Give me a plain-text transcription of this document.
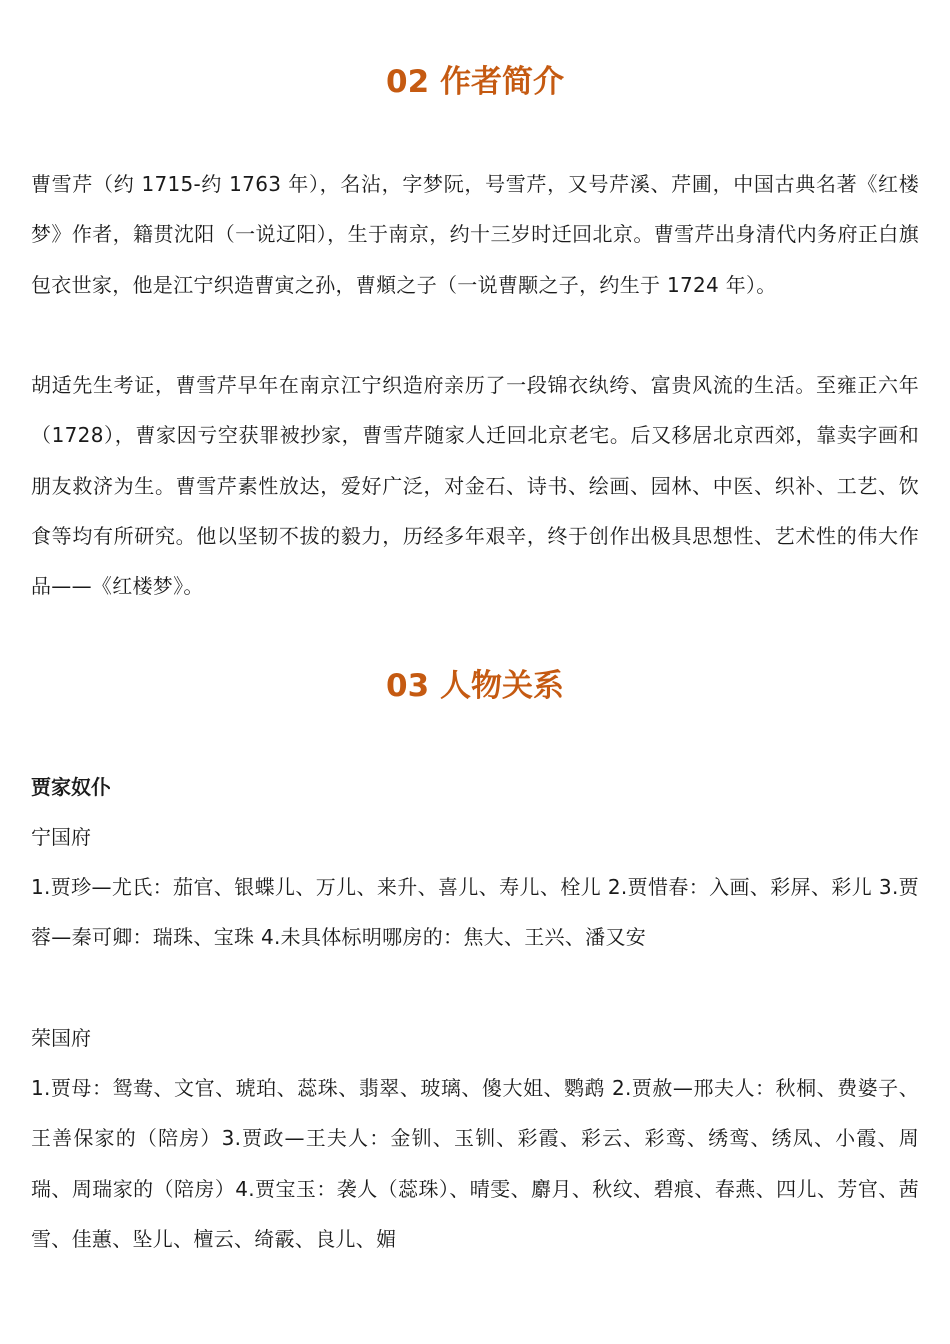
02 作者简介

曹雪芹（约 1715-约 1763 年），名沾，字梦阮，号雪芹，又号芹溪、芹圃，中国古典名著《红楼梦》作者，籍贯沈阳（一说辽阳），生于南京，约十三岁时迁回北京。曹雪芹出身清代内务府正白旗包衣世家，他是江宁织造曹寅之孙，曹頫之子（一说曹颙之子，约生于 1724 年）。

胡适先生考证，曹雪芹早年在南京江宁织造府亲历了一段锦衣纨绔、富贵风流的生活。至雍正六年（1728），曹家因亏空获罪被抄家，曹雪芹随家人迁回北京老宅。后又移居北京西郊，靠卖字画和朋友救济为生。曹雪芹素性放达，爱好广泛，对金石、诗书、绘画、园林、中医、织补、工艺、饮食等均有所研究。他以坚韧不拔的毅力，历经多年艰辛，终于创作出极具思想性、艺术性的伟大作品——《红楼梦》。

03 人物关系

贾家奴仆

宁国府

1.贾珍—尤氏：茄官、银蝶儿、万儿、来升、喜儿、寿儿、栓儿 2.贾惜春：入画、彩屏、彩儿 3.贾蓉—秦可卿：瑞珠、宝珠 4.未具体标明哪房的：焦大、王兴、潘又安

荣国府

1.贾母：鸳鸯、文官、琥珀、蕊珠、翡翠、玻璃、傻大姐、鹦鹉 2.贾赦—邢夫人：秋桐、费婆子、王善保家的（陪房）3.贾政—王夫人：金钏、玉钏、彩霞、彩云、彩鸾、绣鸾、绣凤、小霞、周瑞、周瑞家的（陪房）4.贾宝玉：袭人（蕊珠）、晴雯、麝月、秋纹、碧痕、春燕、四儿、芳官、茜雪、佳蕙、坠儿、檀云、绮霰、良儿、媚
